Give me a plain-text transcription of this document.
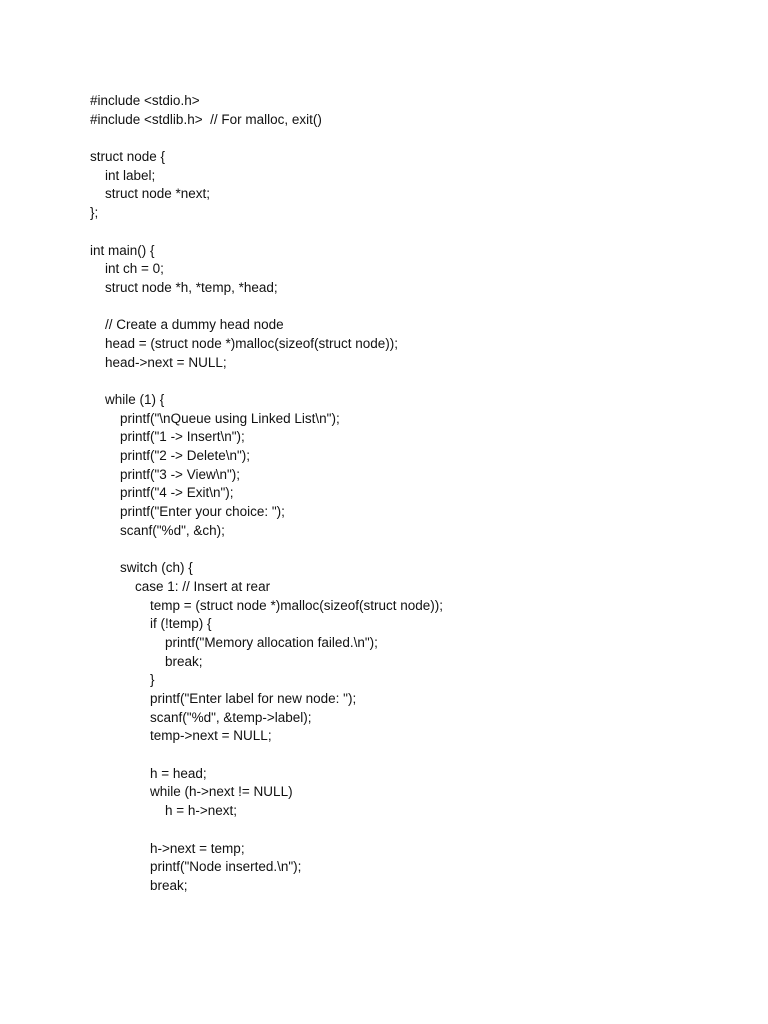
#include <stdio.h>
#include <stdlib.h>  // For malloc, exit()
struct node {
int label;
struct node *next;
};
int main() {
int ch = 0;
struct node *h, *temp, *head;
// Create a dummy head node
head = (struct node *)malloc(sizeof(struct node));
head->next = NULL;
while (1) {
printf("\nQueue using Linked List\n");
printf("1 -> Insert\n");
printf("2 -> Delete\n");
printf("3 -> View\n");
printf("4 -> Exit\n");
printf("Enter your choice: ");
scanf("%d", &ch);
switch (ch) {
case 1: // Insert at rear
temp = (struct node *)malloc(sizeof(struct node));
if (!temp) {
printf("Memory allocation failed.\n");
break;
}
printf("Enter label for new node: ");
scanf("%d", &temp->label);
temp->next = NULL;
h = head;
while (h->next != NULL)
h = h->next;
h->next = temp;
printf("Node inserted.\n");
break;
